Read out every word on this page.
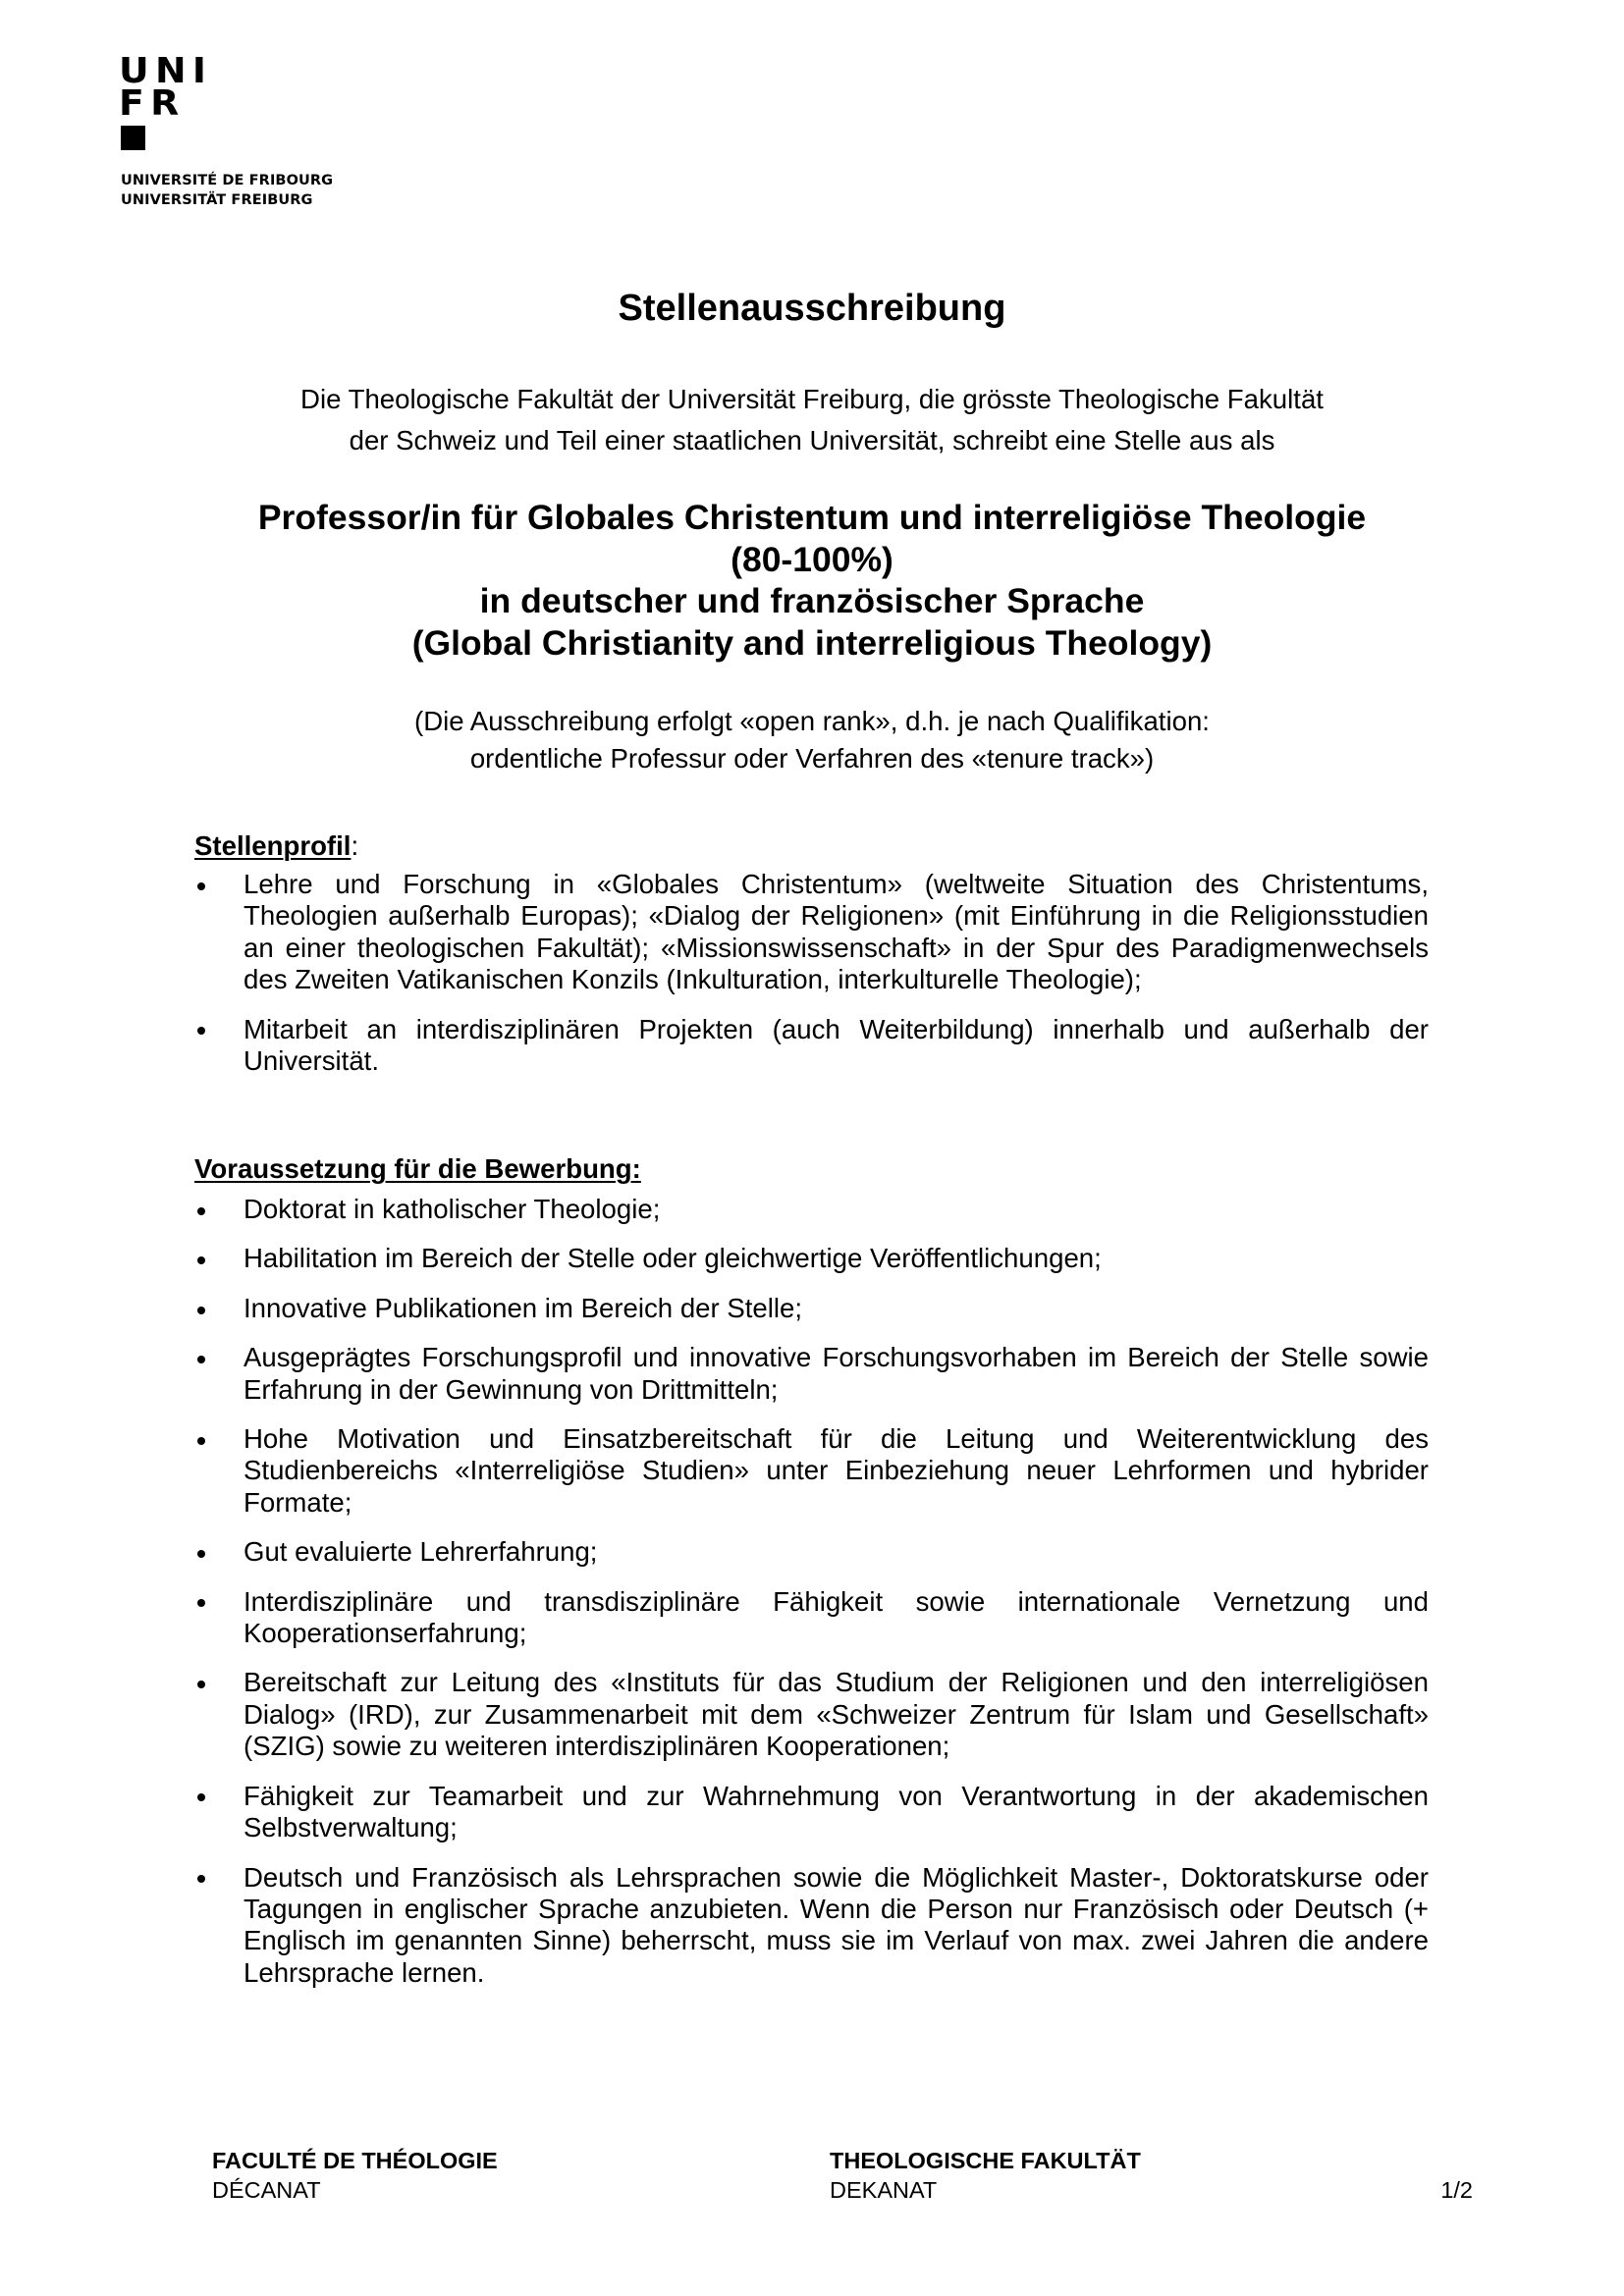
UNI
FR
UNIVERSITÉ DE FRIBOURG
UNIVERSITÄT FREIBURG
Stellenausschreibung
Die Theologische Fakultät der Universität Freiburg, die grösste Theologische Fakultät
der Schweiz und Teil einer staatlichen Universität, schreibt eine Stelle aus als
Professor/in für Globales Christentum und interreligiöse Theologie
(80-100%)
in deutscher und französischer Sprache
(Global Christianity and interreligious Theology)
(Die Ausschreibung erfolgt «open rank», d.h. je nach Qualifikation:
ordentliche Professur oder Verfahren des «tenure track»)
Stellenprofil:
Lehre und Forschung in «Globales Christentum» (weltweite Situation des Christentums, Theologien außerhalb Europas); «Dialog der Religionen» (mit Einführung in die Religionsstudien an einer theologischen Fakultät); «Missionswissenschaft» in der Spur des Paradigmenwechsels des Zweiten Vatikanischen Konzils (Inkulturation, interkulturelle Theologie);
Mitarbeit an interdisziplinären Projekten (auch Weiterbildung) innerhalb und außerhalb der Universität.
Voraussetzung für die Bewerbung:
Doktorat in katholischer Theologie;
Habilitation im Bereich der Stelle oder gleichwertige Veröffentlichungen;
Innovative Publikationen im Bereich der Stelle;
Ausgeprägtes Forschungsprofil und innovative Forschungsvorhaben im Bereich der Stelle sowie Erfahrung in der Gewinnung von Drittmitteln;
Hohe Motivation und Einsatzbereitschaft für die Leitung und Weiterentwicklung des Studienbereichs «Interreligiöse Studien» unter Einbeziehung neuer Lehrformen und hybrider Formate;
Gut evaluierte Lehrerfahrung;
Interdisziplinäre und transdisziplinäre Fähigkeit sowie internationale Vernetzung und Kooperationserfahrung;
Bereitschaft zur Leitung des «Instituts für das Studium der Religionen und den interreligiösen Dialog» (IRD), zur Zusammenarbeit mit dem «Schweizer Zentrum für Islam und Gesellschaft» (SZIG) sowie zu weiteren interdisziplinären Kooperationen;
Fähigkeit zur Teamarbeit und zur Wahrnehmung von Verantwortung in der akademischen Selbstverwaltung;
Deutsch und Französisch als Lehrsprachen sowie die Möglichkeit Master-, Doktoratskurse oder Tagungen in englischer Sprache anzubieten. Wenn die Person nur Französisch oder Deutsch (+ Englisch im genannten Sinne) beherrscht, muss sie im Verlauf von max. zwei Jahren die andere Lehrsprache lernen.
FACULTÉ DE THÉOLOGIE
DÉCANAT
THEOLOGISCHE FAKULTÄT
DEKANAT	1/2
